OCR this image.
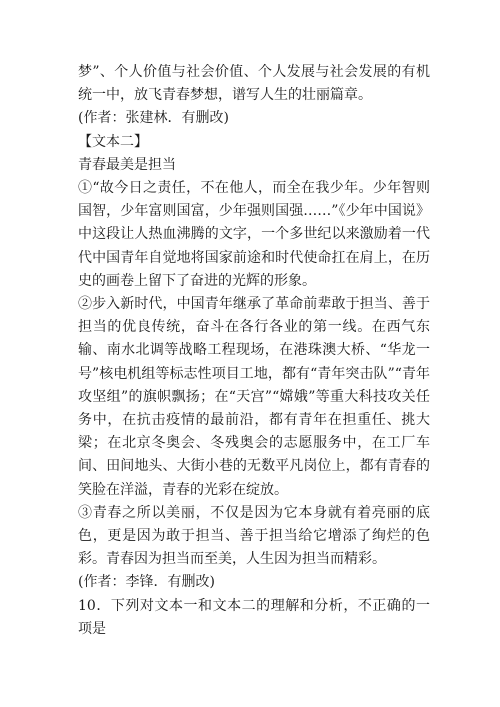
梦”、个人价值与社会价值、个人发展与社会发展的有机统一中，放飞青春梦想，谱写人生的壮丽篇章。

(作者：张建林．有删改)

【文本二】

青春最美是担当

①“故今日之责任，不在他人，而全在我少年。少年智则国智，少年富则国富，少年强则国强……”《少年中国说》中这段让人热血沸腾的文字，一个多世纪以来激励着一代代中国青年自觉地将国家前途和时代使命扛在肩上，在历史的画卷上留下了奋进的光辉的形象。

②步入新时代，中国青年继承了革命前辈敢于担当、善于担当的优良传统，奋斗在各行各业的第一线。在西气东输、南水北调等战略工程现场，在港珠澳大桥、“华龙一号”核电机组等标志性项目工地，都有“青年突击队”“青年攻坚组”的旗帜飘扬；在“天宫”“嫦娥”等重大科技攻关任务中，在抗击疫情的最前沿，都有青年在担重任、挑大梁；在北京冬奥会、冬残奥会的志愿服务中，在工厂车间、田间地头、大街小巷的无数平凡岗位上，都有青春的笑脸在洋溢，青春的光彩在绽放。

③青春之所以美丽，不仅是因为它本身就有着亮丽的底色，更是因为敢于担当、善于担当给它增添了绚烂的色彩。青春因为担当而至美，人生因为担当而精彩。

(作者：李锋．有删改)

10．下列对文本一和文本二的理解和分析，不正确的一项是
